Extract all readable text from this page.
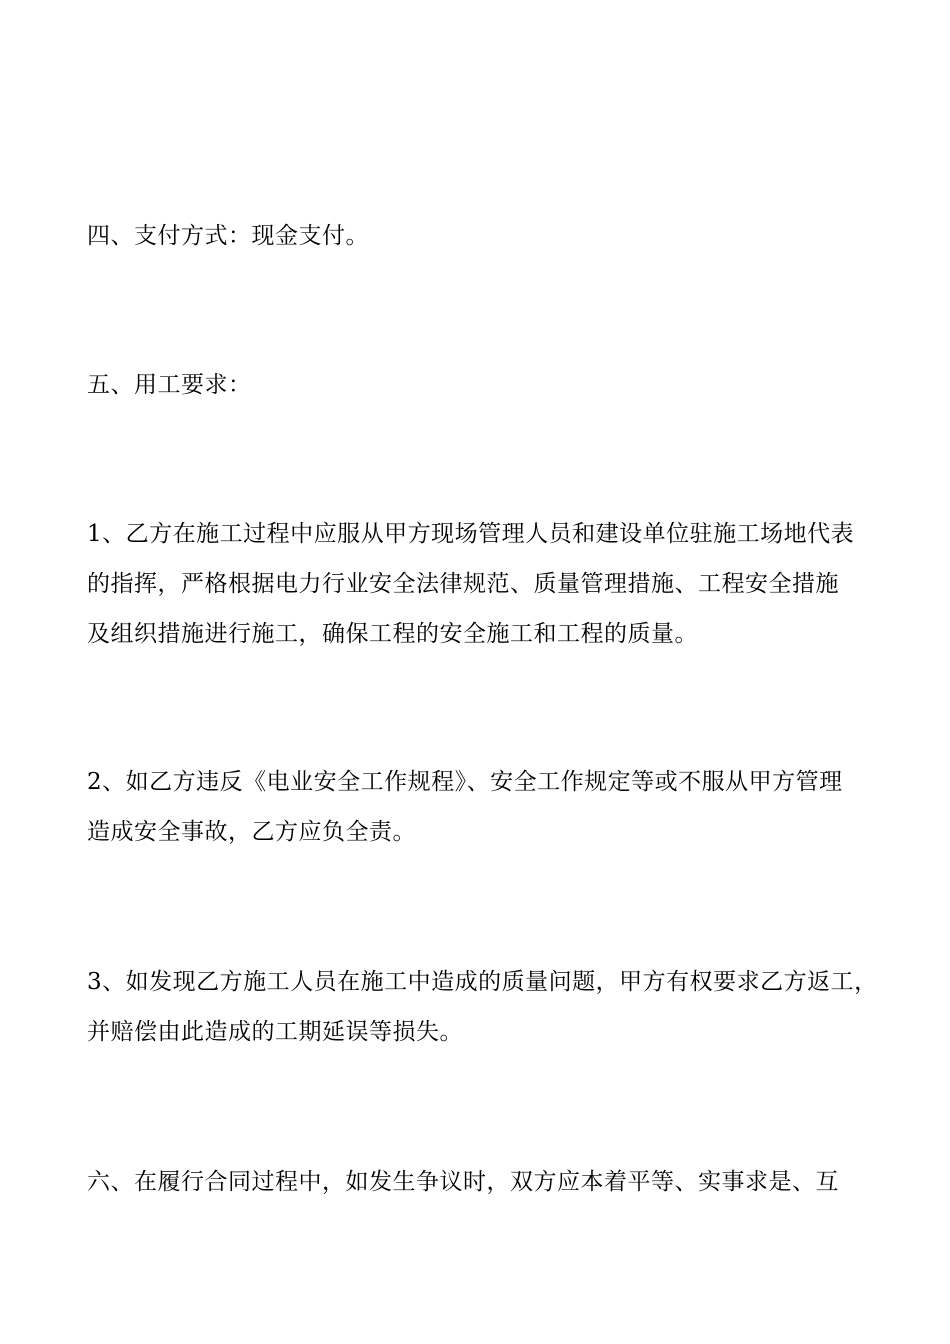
四、支付方式：现金支付。

五、用工要求：

1、乙方在施工过程中应服从甲方现场管理人员和建设单位驻施工场地代表
的指挥，严格根据电力行业安全法律规范、质量管理措施、工程安全措施
及组织措施进行施工，确保工程的安全施工和工程的质量。

2、如乙方违反《电业安全工作规程》、安全工作规定等或不服从甲方管理
造成安全事故，乙方应负全责。

3、如发现乙方施工人员在施工中造成的质量问题，甲方有权要求乙方返工，
并赔偿由此造成的工期延误等损失。

六、在履行合同过程中，如发生争议时，双方应本着平等、实事求是、互
